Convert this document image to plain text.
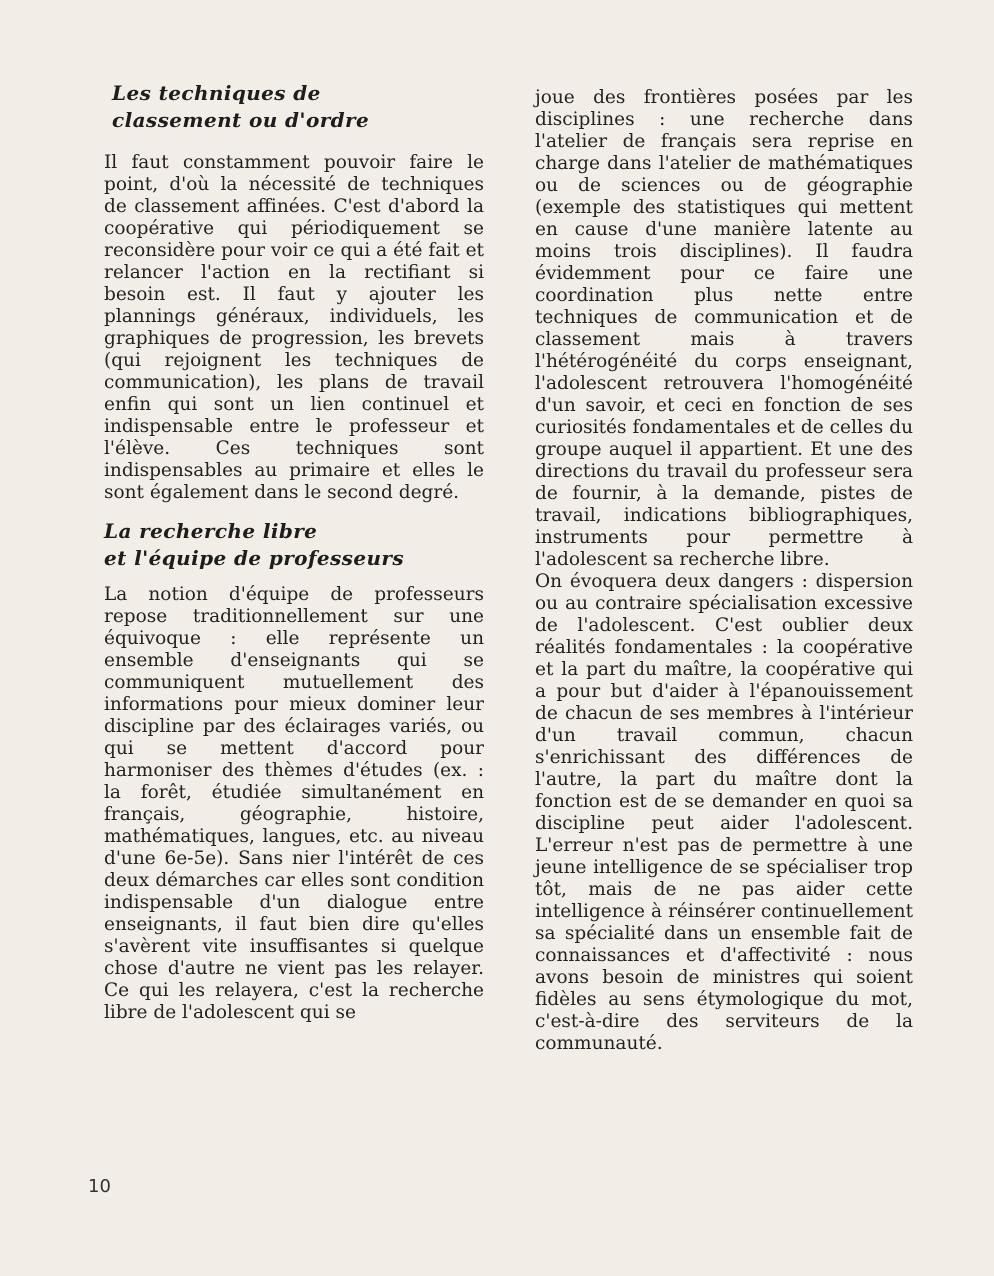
Les techniques de
classement ou d'ordre

Il faut constamment pouvoir faire le point, d'où la nécessité de techniques de classement affinées. C'est d'abord la coopérative qui périodiquement se reconsidère pour voir ce qui a été fait et relancer l'action en la rectifiant si besoin est. Il faut y ajouter les plannings généraux, individuels, les graphiques de progression, les brevets (qui rejoignent les techniques de communication), les plans de travail enfin qui sont un lien continuel et indispensable entre le professeur et l'élève. Ces techniques sont indispensables au primaire et elles le sont également dans le second degré.

La recherche libre
et l'équipe de professeurs

La notion d'équipe de professeurs repose traditionnellement sur une équivoque : elle représente un ensemble d'enseignants qui se communiquent mutuellement des informations pour mieux dominer leur discipline par des éclairages variés, ou qui se mettent d'accord pour harmoniser des thèmes d'études (ex. : la forêt, étudiée simultanément en français, géographie, histoire, mathématiques, langues, etc. au niveau d'une 6e-5e). Sans nier l'intérêt de ces deux démarches car elles sont condition indispensable d'un dialogue entre enseignants, il faut bien dire qu'elles s'avèrent vite insuffisantes si quelque chose d'autre ne vient pas les relayer. Ce qui les relayera, c'est la recherche libre de l'adolescent qui se

joue des frontières posées par les disciplines : une recherche dans l'atelier de français sera reprise en charge dans l'atelier de mathématiques ou de sciences ou de géographie (exemple des statistiques qui mettent en cause d'une manière latente au moins trois disciplines). Il faudra évidemment pour ce faire une coordination plus nette entre techniques de communication et de classement mais à travers l'hétérogénéité du corps enseignant, l'adolescent retrouvera l'homogénéité d'un savoir, et ceci en fonction de ses curiosités fondamentales et de celles du groupe auquel il appartient. Et une des directions du travail du professeur sera de fournir, à la demande, pistes de travail, indications bibliographiques, instruments pour permettre à l'adolescent sa recherche libre.

On évoquera deux dangers : dispersion ou au contraire spécialisation excessive de l'adolescent. C'est oublier deux réalités fondamentales : la coopérative et la part du maître, la coopérative qui a pour but d'aider à l'épanouissement de chacun de ses membres à l'intérieur d'un travail commun, chacun s'enrichissant des différences de l'autre, la part du maître dont la fonction est de se demander en quoi sa discipline peut aider l'adolescent. L'erreur n'est pas de permettre à une jeune intelligence de se spécialiser trop tôt, mais de ne pas aider cette intelligence à réinsérer continuellement sa spécialité dans un ensemble fait de connaissances et d'affectivité : nous avons besoin de ministres qui soient fidèles au sens étymologique du mot, c'est-à-dire des serviteurs de la communauté.

10
